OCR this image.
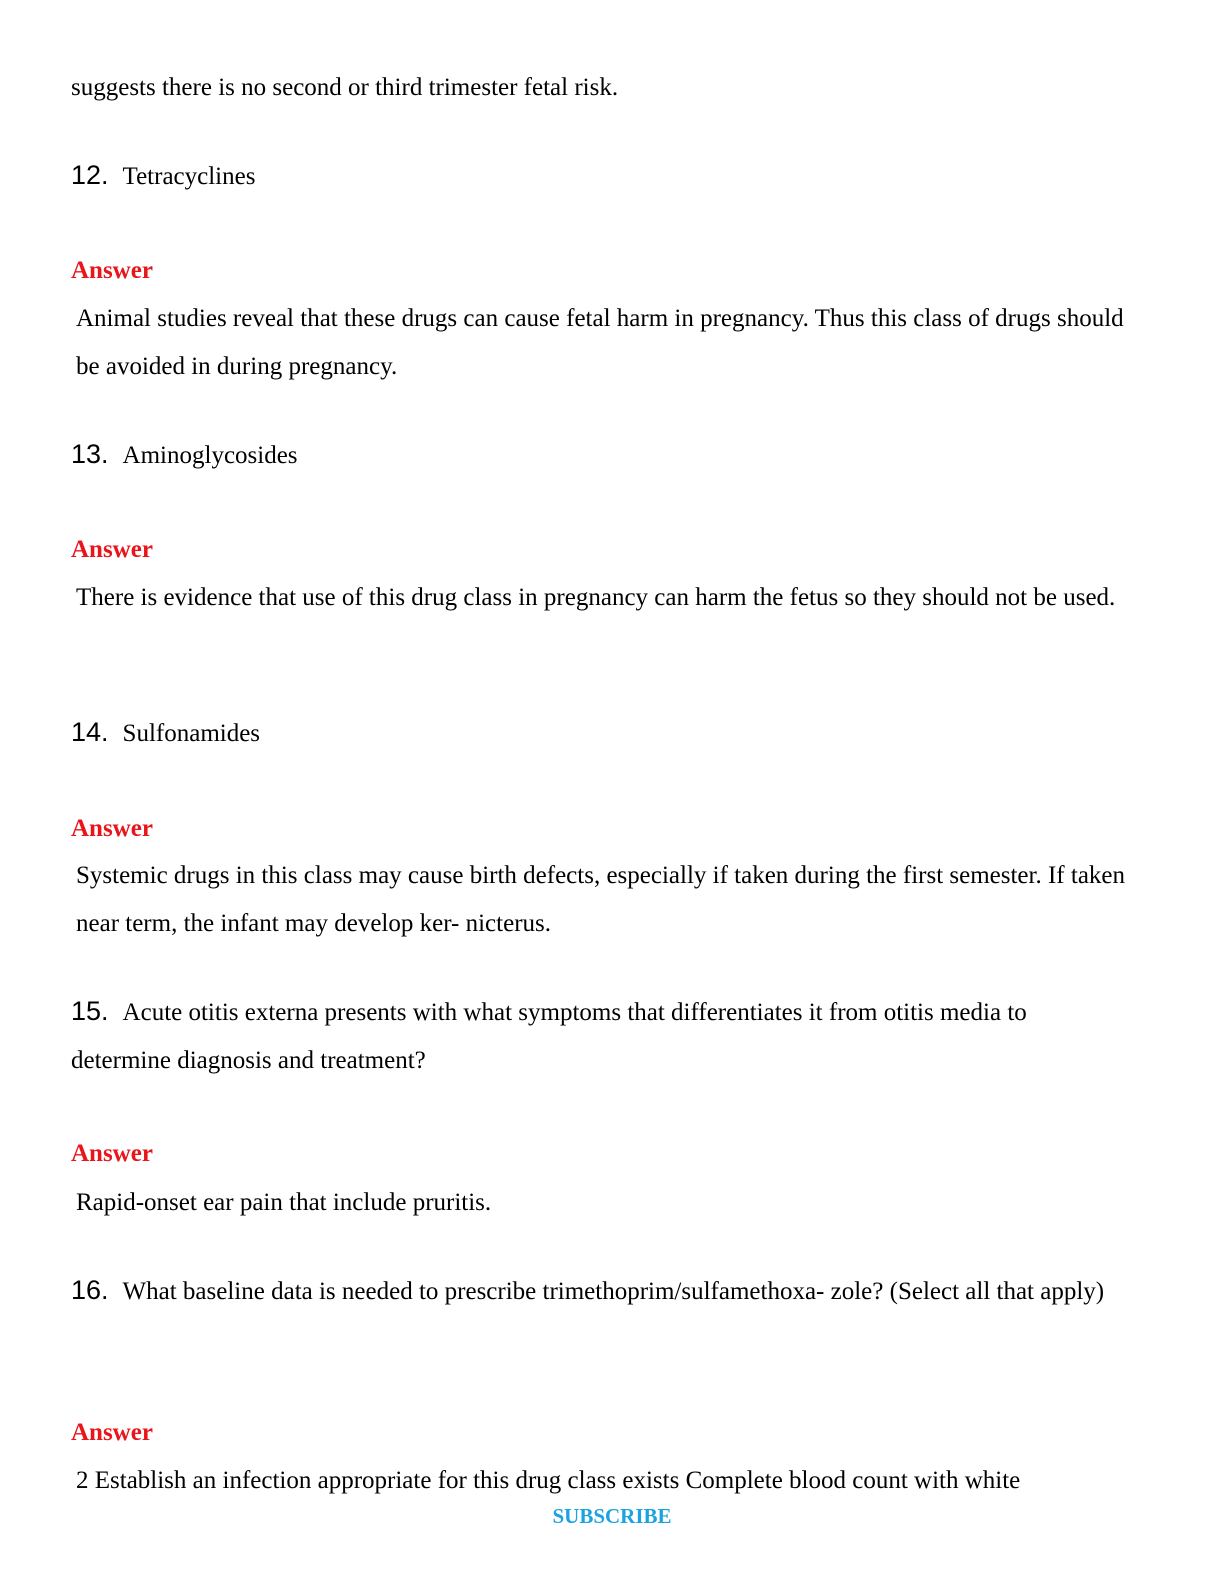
suggests there is no second or third trimester fetal risk.

12. Tetracyclines

Answer

Animal studies reveal that these drugs can cause fetal harm in pregnancy. Thus this class of drugs should be avoided in during pregnancy.

13. Aminoglycosides

Answer

There is evidence that use of this drug class in pregnancy can harm the fetus so they should not be used.

14. Sulfonamides

Answer

Systemic drugs in this class may cause birth defects, especially if taken during the first semester. If taken near term, the infant may develop ker- nicterus.

15. Acute otitis externa presents with what symptoms that differentiates it from otitis media to determine diagnosis and treatment?

Answer

Rapid-onset ear pain that include pruritis.

16. What baseline data is needed to prescribe trimethoprim/sulfamethoxa- zole? (Select all that apply)

Answer

2 Establish an infection appropriate for this drug class exists Complete blood count with white

SUBSCRIBE
